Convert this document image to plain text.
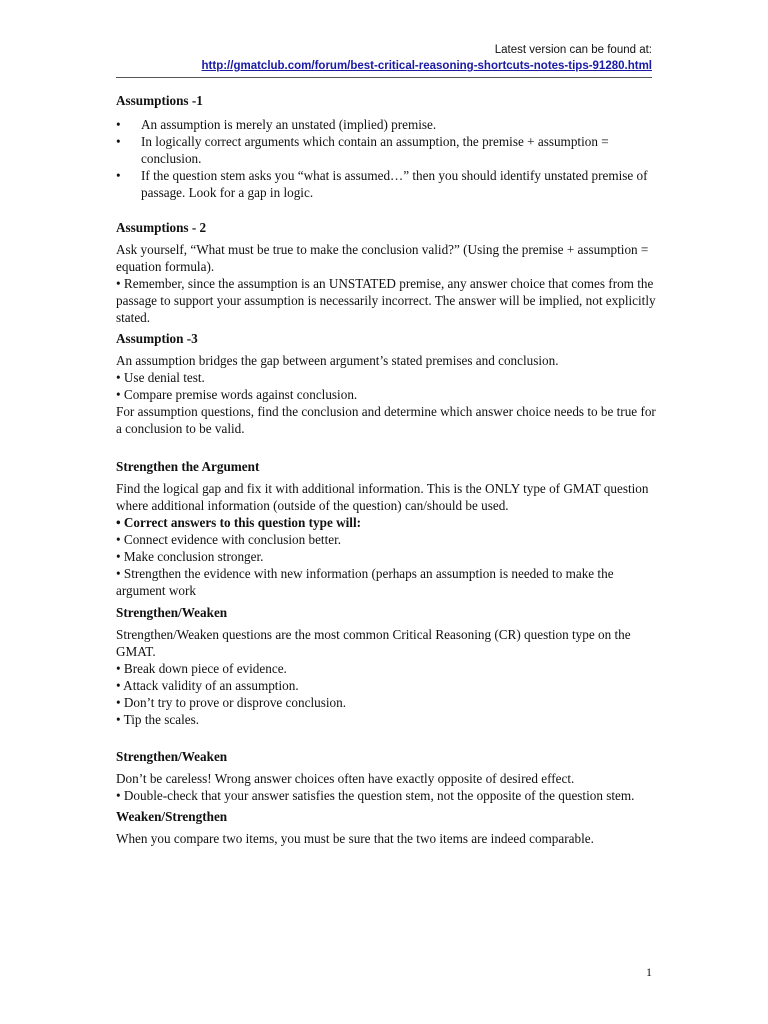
Latest version can be found at:
http://gmatclub.com/forum/best-critical-reasoning-shortcuts-notes-tips-91280.html
Assumptions -1
• An assumption is merely an unstated (implied) premise.
• In logically correct arguments which contain an assumption, the premise + assumption = conclusion.
• If the question stem asks you “what is assumed…” then you should identify unstated premise of passage. Look for a gap in logic.
Assumptions - 2

Ask yourself, “What must be true to make the conclusion valid?” (Using the premise + assumption = equation formula).

• Remember, since the assumption is an UNSTATED premise, any answer choice that comes from the passage to support your assumption is necessarily incorrect. The answer will be implied, not explicitly stated.

Assumption -3

An assumption bridges the gap between argument’s stated premises and conclusion.

• Use denial test.

• Compare premise words against conclusion.

For assumption questions, find the conclusion and determine which answer choice needs to be true for a conclusion to be valid.

Strengthen the Argument

Find the logical gap and fix it with additional information. This is the ONLY type of GMAT question where additional information (outside of the question) can/should be used.

• Correct answers to this question type will:

• Connect evidence with conclusion better.

• Make conclusion stronger.

• Strengthen the evidence with new information (perhaps an assumption is needed to make the argument work

Strengthen/Weaken

Strengthen/Weaken questions are the most common Critical Reasoning (CR) question type on the GMAT.

• Break down piece of evidence.

• Attack validity of an assumption.

• Don’t try to prove or disprove conclusion.

• Tip the scales.

Strengthen/Weaken

Don’t be careless! Wrong answer choices often have exactly opposite of desired effect.

• Double-check that your answer satisfies the question stem, not the opposite of the question stem.

Weaken/Strengthen

When you compare two items, you must be sure that the two items are indeed comparable.

1
